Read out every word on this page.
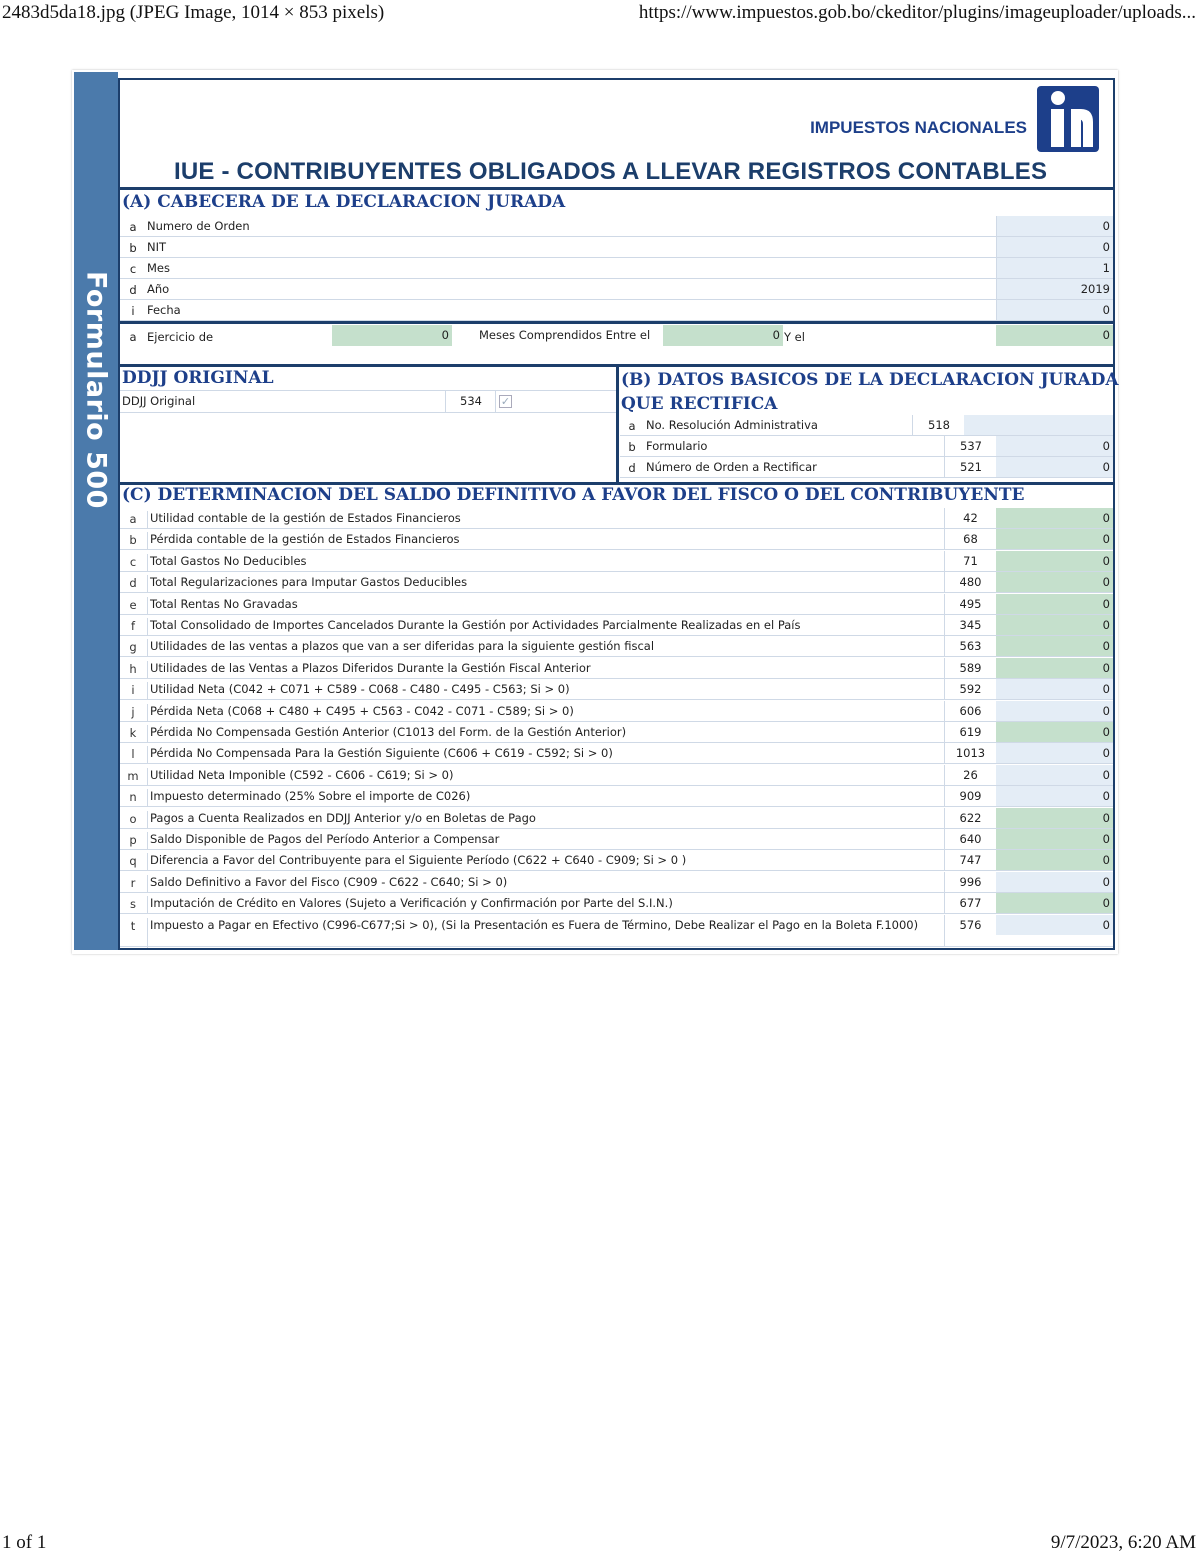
2483d5da18.jpg (JPEG Image, 1014 × 853 pixels)	https://www.impuestos.gob.bo/ckeditor/plugins/imageuploader/uploads...
Formulario 500
IMPUESTOS NACIONALES
IUE - CONTRIBUYENTES OBLIGADOS A LLEVAR REGISTROS CONTABLES
(A) CABECERA DE LA DECLARACION JURADA
a Numero de Orden	0
b NIT	0
c Mes	1
d Año	2019
i	Fecha	0
a Ejercicio de	0	Meses Comprendidos Entre el	0 Y el	0
DDJJ ORIGINAL
DDJJ Original	534	✓
(B) DATOS BASICOS DE LA DECLARACION JURADA
QUE RECTIFICA
a No. Resolución Administrativa	518
b Formulario	537	0
d Número de Orden a Rectificar	521	0
(C) DETERMINACION DEL SALDO DEFINITIVO A FAVOR DEL FISCO O DEL CONTRIBUYENTE
a	Utilidad contable de la gestión de Estados Financieros	42	0
b	Pérdida contable de la gestión de Estados Financieros	68	0
c	Total Gastos No Deducibles	71	0
d	Total Regularizaciones para Imputar Gastos Deducibles	480	0
e	Total Rentas No Gravadas	495	0
f	Total Consolidado de Importes Cancelados Durante la Gestión por Actividades Parcialmente Realizadas en el País	345	0
g	Utilidades de las ventas a plazos que van a ser diferidas para la siguiente gestión fiscal	563	0
h	Utilidades de las Ventas a Plazos Diferidos Durante la Gestión Fiscal Anterior	589	0
i	Utilidad Neta (C042 + C071 + C589 - C068 - C480 - C495 - C563; Si > 0)	592	0
j	Pérdida Neta (C068 + C480 + C495 + C563 - C042 - C071 - C589; Si > 0)	606	0
k	Pérdida No Compensada Gestión Anterior (C1013 del Form. de la Gestión Anterior)	619	0
l	Pérdida No Compensada Para la Gestión Siguiente (C606 + C619 - C592; Si > 0)	1013	0
m Utilidad Neta Imponible (C592 - C606 - C619; Si > 0)	26	0
n	Impuesto determinado (25% Sobre el importe de C026)	909	0
o	Pagos a Cuenta Realizados en DDJJ Anterior y/o en Boletas de Pago	622	0
p	Saldo Disponible de Pagos del Período Anterior a Compensar	640	0
q	Diferencia a Favor del Contribuyente para el Siguiente Período (C622 + C640 - C909; Si > 0 )	747	0
r	Saldo Definitivo a Favor del Fisco (C909 - C622 - C640; Si > 0)	996	0
s	Imputación de Crédito en Valores (Sujeto a Verificación y Confirmación por Parte del S.I.N.)	677	0
t	Impuesto a Pagar en Efectivo (C996-C677;Si > 0), (Si la Presentación es Fuera de Término, Debe Realizar el Pago en la Boleta F.1000)	576	0
1 of 1	9/7/2023, 6:20 AM
